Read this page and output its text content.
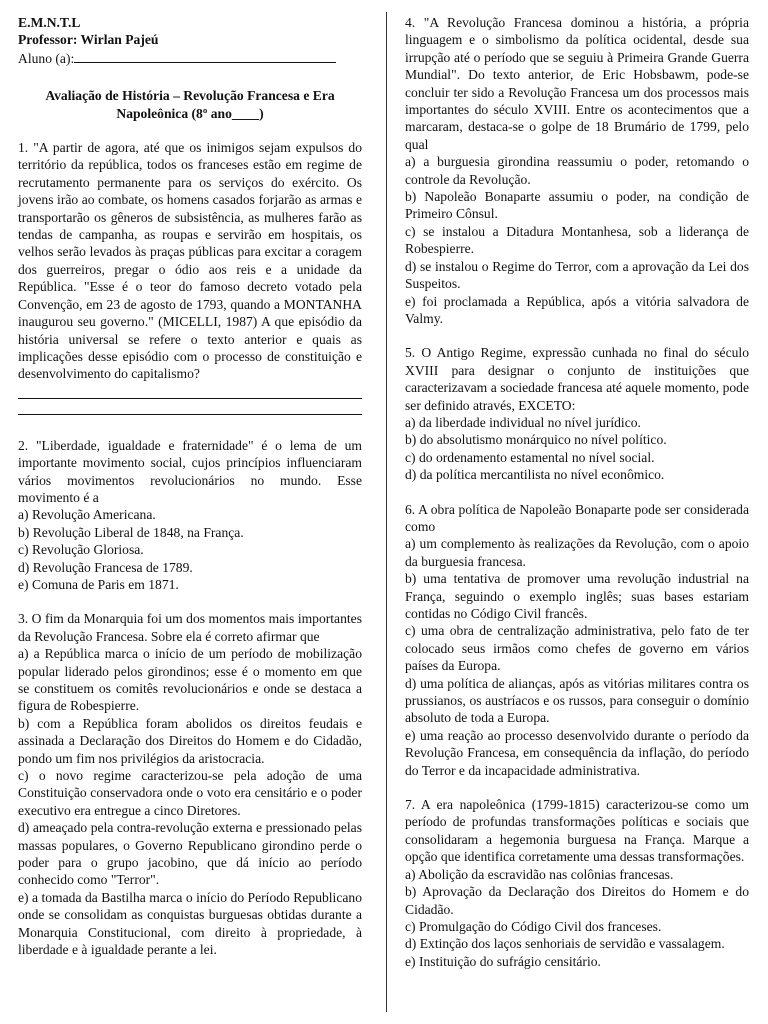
E.M.N.T.L

Professor: Wirlan Pajeú

Aluno (a):

Avaliação de História – Revolução Francesa e Era Napoleônica (8º ano____)

1. "A partir de agora, até que os inimigos sejam expulsos do território da república, todos os franceses estão em regime de recrutamento permanente para os serviços do exército. Os jovens irão ao combate, os homens casados forjarão as armas e transportarão os gêneros de subsistência, as mulheres farão as tendas de campanha, as roupas e servirão em hospitais, os velhos serão levados às praças públicas para excitar a coragem dos guerreiros, pregar o ódio aos reis e a unidade da República. "Esse é o teor do famoso decreto votado pela Convenção, em 23 de agosto de 1793, quando a MONTANHA inaugurou seu governo." (MICELLI, 1987) A que episódio da história universal se refere o texto anterior e quais as implicações desse episódio com o processo de constituição e desenvolvimento do capitalismo?

2. "Liberdade, igualdade e fraternidade" é o lema de um importante movimento social, cujos princípios influenciaram vários movimentos revolucionários no mundo. Esse movimento é a

a) Revolução Americana.

b) Revolução Liberal de 1848, na França.

c) Revolução Gloriosa.

d) Revolução Francesa de 1789.

e) Comuna de Paris em 1871.

3. O fim da Monarquia foi um dos momentos mais importantes da Revolução Francesa. Sobre ela é correto afirmar que

a) a República marca o início de um período de mobilização popular liderado pelos girondinos; esse é o momento em que se constituem os comitês revolucionários e onde se destaca a figura de Robespierre.

b) com a República foram abolidos os direitos feudais e assinada a Declaração dos Direitos do Homem e do Cidadão, pondo um fim nos privilégios da aristocracia.

c) o novo regime caracterizou-se pela adoção de uma Constituição conservadora onde o voto era censitário e o poder executivo era entregue a cinco Diretores.

d) ameaçado pela contra-revolução externa e pressionado pelas massas populares, o Governo Republicano girondino perde o poder para o grupo jacobino, que dá início ao período conhecido como "Terror".

e) a tomada da Bastilha marca o início do Período Republicano onde se consolidam as conquistas burguesas obtidas durante a Monarquia Constitucional, com direito à propriedade, à liberdade e à igualdade perante a lei.

4. "A Revolução Francesa dominou a história, a própria linguagem e o simbolismo da política ocidental, desde sua irrupção até o período que se seguiu à Primeira Grande Guerra Mundial". Do texto anterior, de Eric Hobsbawm, pode-se concluir ter sido a Revolução Francesa um dos processos mais importantes do século XVIII. Entre os acontecimentos que a marcaram, destaca-se o golpe de 18 Brumário de 1799, pelo qual

a) a burguesia girondina reassumiu o poder, retomando o controle da Revolução.

b) Napoleão Bonaparte assumiu o poder, na condição de Primeiro Cônsul.

c) se instalou a Ditadura Montanhesa, sob a liderança de Robespierre.

d) se instalou o Regime do Terror, com a aprovação da Lei dos Suspeitos.

e) foi proclamada a República, após a vitória salvadora de Valmy.

5. O Antigo Regime, expressão cunhada no final do século XVIII para designar o conjunto de instituições que caracterizavam a sociedade francesa até aquele momento, pode ser definido através, EXCETO:

a) da liberdade individual no nível jurídico.

b) do absolutismo monárquico no nível político.

c) do ordenamento estamental no nível social.

d) da política mercantilista no nível econômico.

6. A obra política de Napoleão Bonaparte pode ser considerada como

a) um complemento às realizações da Revolução, com o apoio da burguesia francesa.

b) uma tentativa de promover uma revolução industrial na França, seguindo o exemplo inglês; suas bases estariam contidas no Código Civil francês.

c) uma obra de centralização administrativa, pelo fato de ter colocado seus irmãos como chefes de governo em vários países da Europa.

d) uma política de alianças, após as vitórias militares contra os prussianos, os austríacos e os russos, para conseguir o domínio absoluto de toda a Europa.

e) uma reação ao processo desenvolvido durante o período da Revolução Francesa, em consequência da inflação, do período do Terror e da incapacidade administrativa.

7. A era napoleônica (1799-1815) caracterizou-se como um período de profundas transformações políticas e sociais que consolidaram a hegemonia burguesa na França. Marque a opção que identifica corretamente uma dessas transformações.

a) Abolição da escravidão nas colônias francesas.

b) Aprovação da Declaração dos Direitos do Homem e do Cidadão.

c) Promulgação do Código Civil dos franceses.

d) Extinção dos laços senhoriais de servidão e vassalagem.

e) Instituição do sufrágio censitário.
